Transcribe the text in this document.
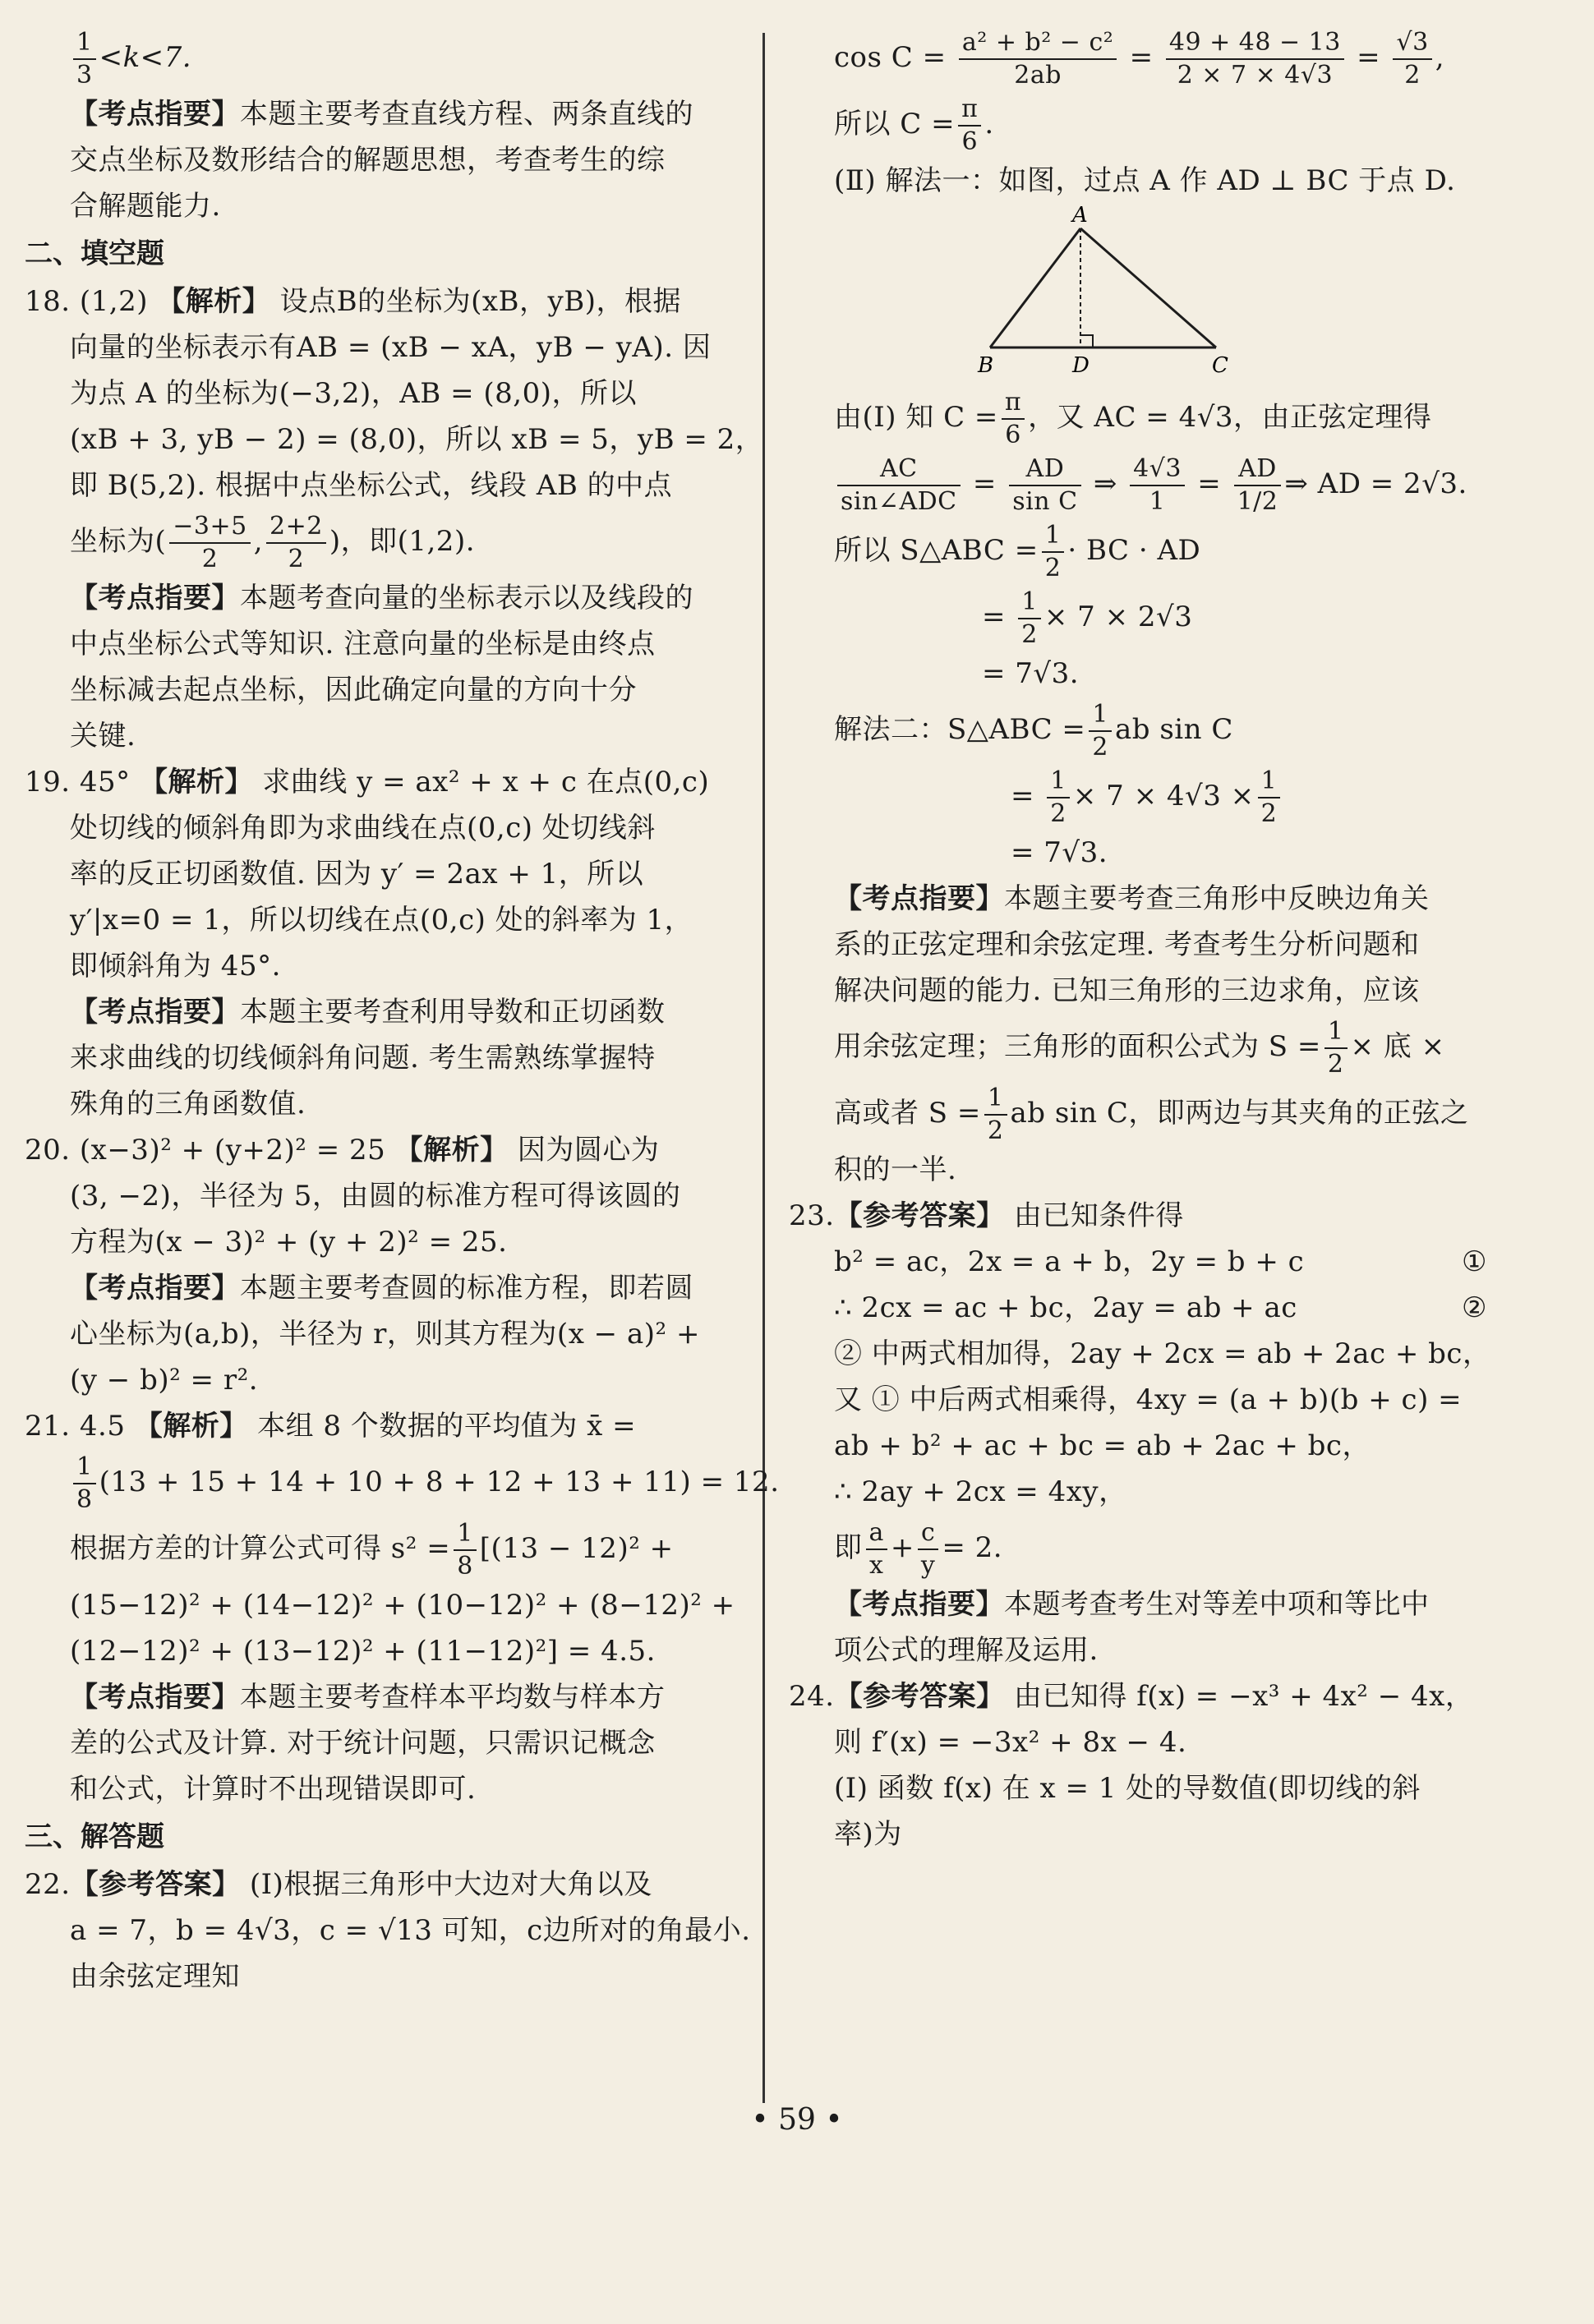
$\frac{1}{3} <k<7$.
【考点指要】本题主要考查直线方程、两条直线的
交点坐标及数形结合的解题思想，考查考生的综
合解题能力.
二、填空题
18. (1,2) 【解析】 设点B的坐标为(xB，yB)，根据
向量的坐标表示有AB = (xB − xA，yB − yA). 因
为点 A 的坐标为(−3,2)，AB = (8,0)，所以
(xB + 3, yB − 2) = (8,0)，所以 xB = 5，yB = 2，
即 B(5,2). 根据中点坐标公式，线段 AB 的中点
坐标为( $\frac{-3+5}{2}$ , $\frac{2+2}{2}$ )，即(1,2).
【考点指要】本题考查向量的坐标表示以及线段的
中点坐标公式等知识. 注意向量的坐标是由终点
坐标减去起点坐标，因此确定向量的方向十分
关键.
19. 45° 【解析】 求曲线 y = ax² + x + c 在点(0,c)
处切线的倾斜角即为求曲线在点(0,c) 处切线斜
率的反正切函数值. 因为 y′ = 2ax + 1，所以
y′|x=0 = 1，所以切线在点(0,c) 处的斜率为 1，
即倾斜角为 45°.
【考点指要】本题主要考查利用导数和正切函数
来求曲线的切线倾斜角问题. 考生需熟练掌握特
殊角的三角函数值.
20. (x−3)² + (y+2)² = 25 【解析】 因为圆心为
(3, −2)，半径为 5，由圆的标准方程可得该圆的
方程为(x − 3)² + (y + 2)² = 25.
【考点指要】本题主要考查圆的标准方程，即若圆
心坐标为(a,b)，半径为 r，则其方程为(x − a)² +
(y − b)² = r².
21. 4.5 【解析】 本组 8 个数据的平均值为 x̄ =
$\frac{1}{8} (13 + 15 + 14 + 10 + 8 + 12 + 13 + 11) = 12$.
根据方差的计算公式可得 $s^2 = \frac{1}{8} [(13 - 12)^2$ +
(15−12)² + (14−12)² + (10−12)² + (8−12)² +
(12−12)² + (13−12)² + (11−12)²] = 4.5.
【考点指要】本题主要考查样本平均数与样本方
差的公式及计算. 对于统计问题，只需识记概念
和公式，计算时不出现错误即可.
三、解答题
22.【参考答案】 (Ⅰ)根据三角形中大边对大角以及
a = 7，b = 4√3，c = √13 可知，c边所对的角最小.
由余弦定理知
$\cos C = \frac{\text{a² + b² − c²}}{2ab} = \frac{49 + 48 - 13}{2 \times 7 \times 4√3} = \frac{√3}{2}$ ,
所以 $C = \frac{\pi}{6}$ .
(Ⅱ) 解法一：如图，过点 A 作 AD ⊥ BC 于点 D.
A
B	D	C
由(Ⅰ) 知 $C = \frac{\pi}{6}$ ，又 AC = 4√3，由正弦定理得
$\frac{AC}{\text{sin∠ADC}} = \frac{AD}{\text{sin C}}$ ⇒ $\frac{4√3}{1} = \frac{AD}{1/2}$ ⇒ AD = 2√3.
所以 S△ABC = $\frac{1}{2}$ · BC · AD
= $\frac{1}{2} \times 7 \times 2√3$
= 7√3.
解法二：S△ABC = $\frac{1}{2}$ ab sin C
= $\frac{1}{2} \times 7 \times 4√3 \times \frac{1}{2}$
= 7√3.
【考点指要】本题主要考查三角形中反映边角关
系的正弦定理和余弦定理. 考查考生分析问题和
解决问题的能力. 已知三角形的三边求角，应该
用余弦定理；三角形的面积公式为 $S = \frac{1}{2}$ × 底 ×
高或者 $S = \frac{1}{2}$ ab sin C，即两边与其夹角的正弦之
积的一半.
23.【参考答案】 由已知条件得
b² = ac，2x = a + b，2y = b + c	①
∴ 2cx = ac + bc，2ay = ab + ac	②
② 中两式相加得，2ay + 2cx = ab + 2ac + bc，
又 ① 中后两式相乘得，4xy = (a + b)(b + c) =
ab + b² + ac + bc = ab + 2ac + bc，
∴ 2ay + 2cx = 4xy，
即 $\frac{a}{x} + \frac{c}{y} = 2$.
【考点指要】本题考查考生对等差中项和等比中
项公式的理解及运用.
24.【参考答案】 由已知得 f(x) = −x³ + 4x² − 4x，
则 f′(x) = −3x² + 8x − 4.
(Ⅰ) 函数 f(x) 在 x = 1 处的导数值(即切线的斜
率)为
• 59 •
